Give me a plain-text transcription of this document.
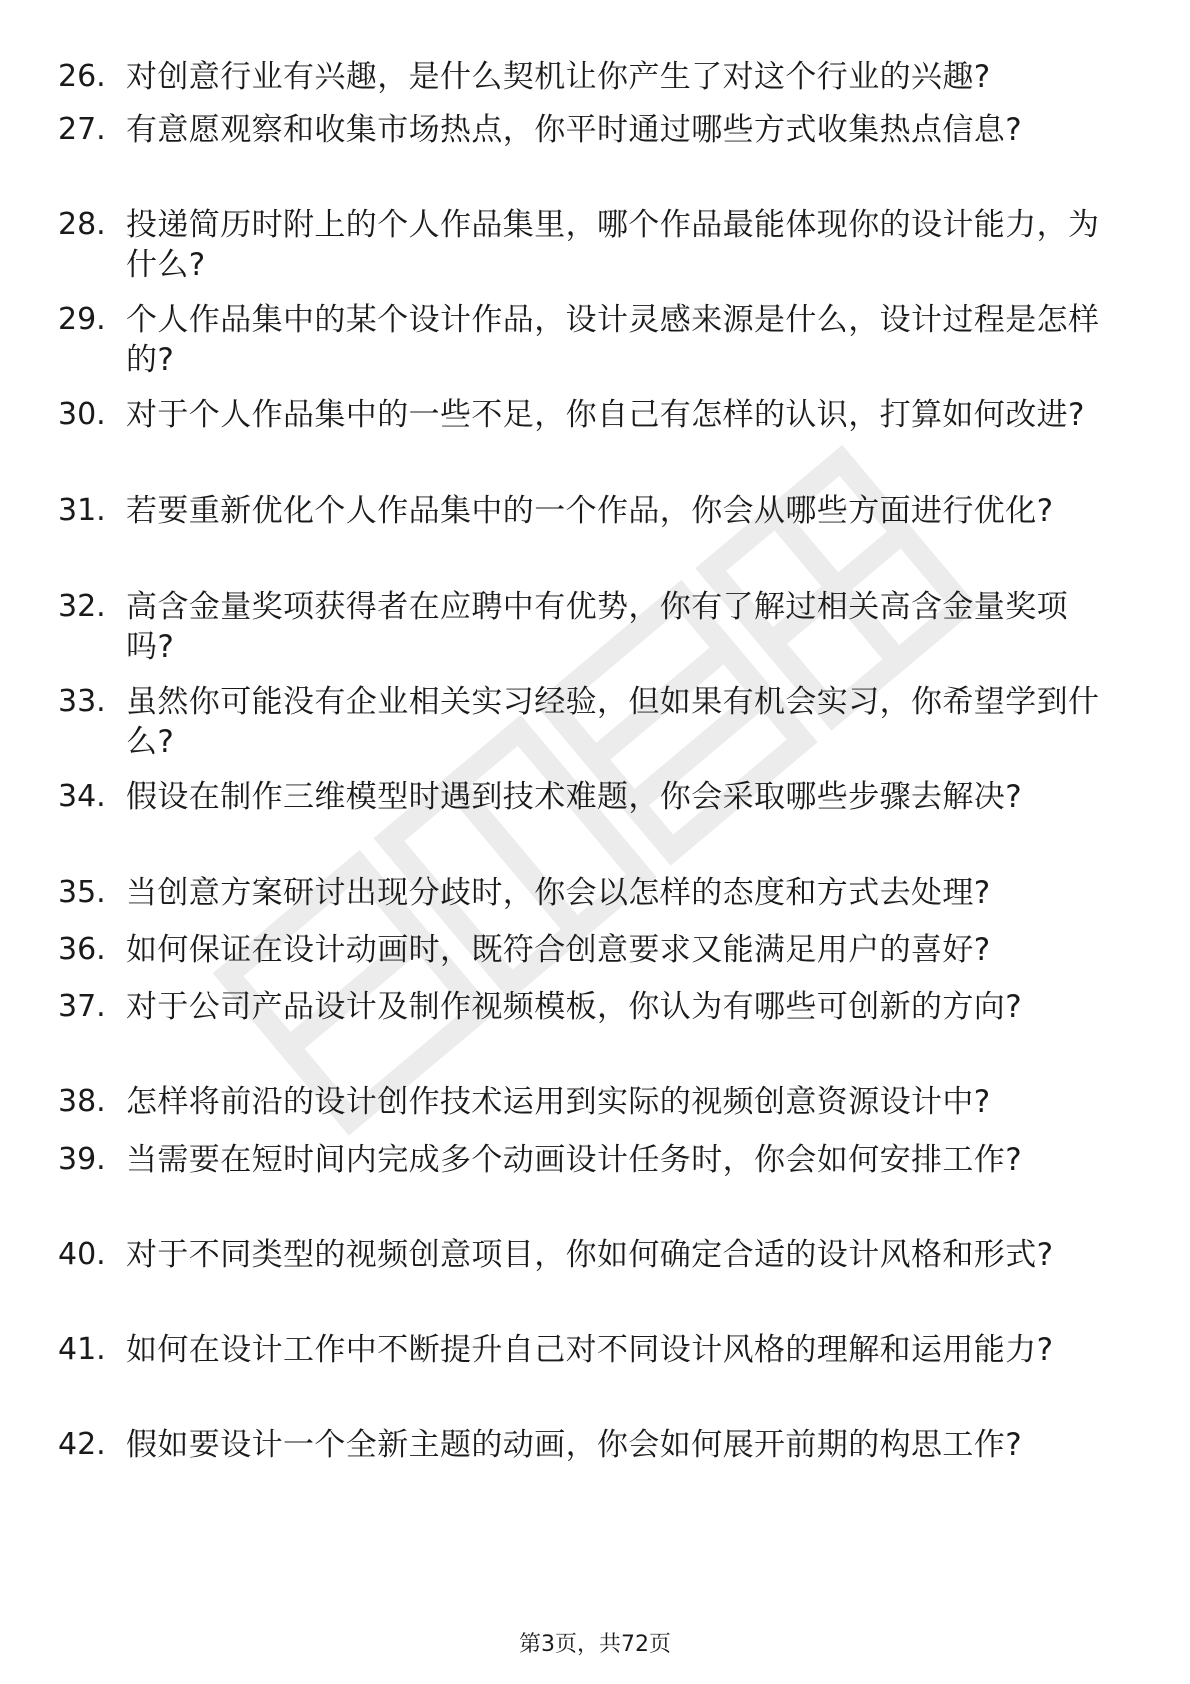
26. 对创意行业有兴趣，是什么契机让你产生了对这个行业的兴趣?
27. 有意愿观察和收集市场热点，你平时通过哪些方式收集热点信息?
28. 投递简历时附上的个人作品集里，哪个作品最能体现你的设计能力，为什么?
29. 个人作品集中的某个设计作品，设计灵感来源是什么，设计过程是怎样的?
30. 对于个人作品集中的一些不足，你自己有怎样的认识，打算如何改进?
31. 若要重新优化个人作品集中的一个作品，你会从哪些方面进行优化?
32. 高含金量奖项获得者在应聘中有优势，你有了解过相关高含金量奖项吗?
33. 虽然你可能没有企业相关实习经验，但如果有机会实习，你希望学到什么?
34. 假设在制作三维模型时遇到技术难题，你会采取哪些步骤去解决?
35. 当创意方案研讨出现分歧时，你会以怎样的态度和方式去处理?
36. 如何保证在设计动画时，既符合创意要求又能满足用户的喜好?
37. 对于公司产品设计及制作视频模板，你认为有哪些可创新的方向?
38. 怎样将前沿的设计创作技术运用到实际的视频创意资源设计中?
39. 当需要在短时间内完成多个动画设计任务时，你会如何安排工作?
40. 对于不同类型的视频创意项目，你如何确定合适的设计风格和形式?
41. 如何在设计工作中不断提升自己对不同设计风格的理解和运用能力?
42. 假如要设计一个全新主题的动画，你会如何展开前期的构思工作?
第3页，共72页
